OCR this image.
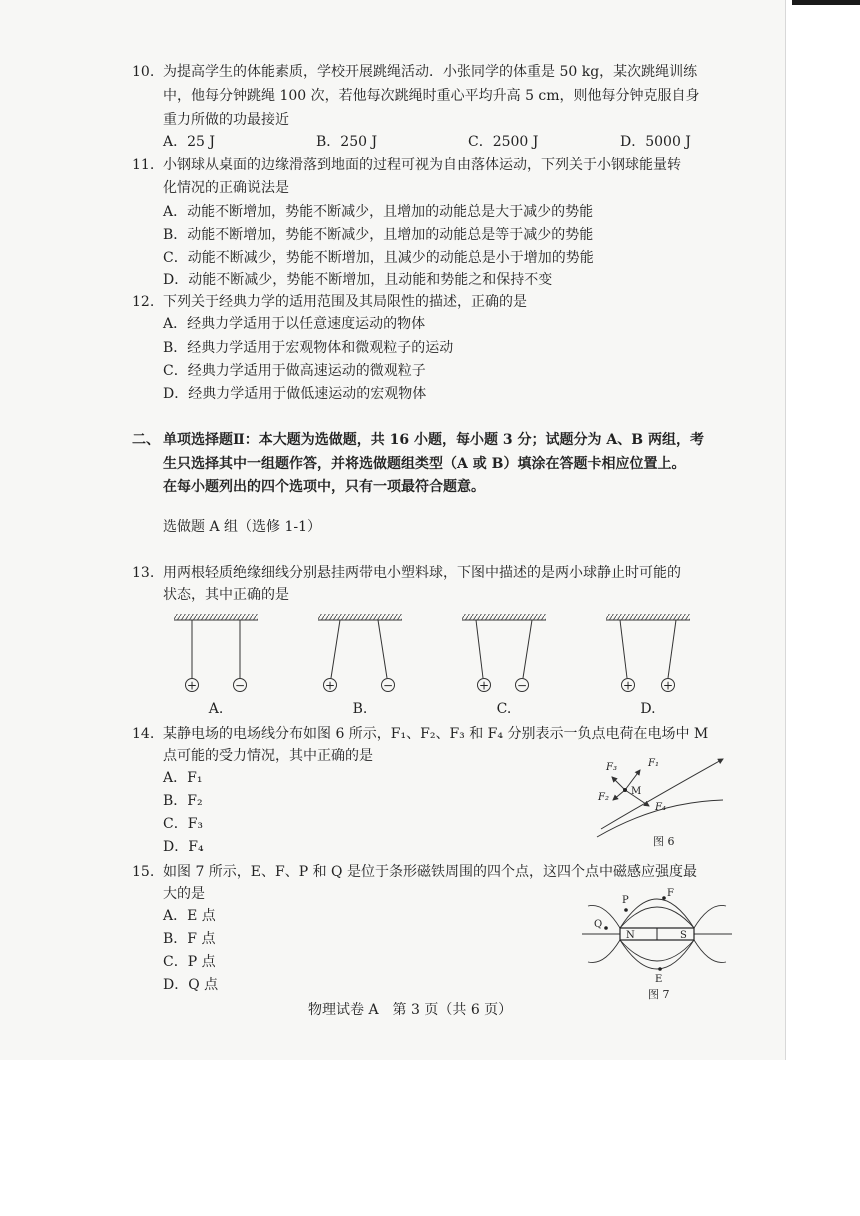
10. 为提高学生的体能素质，学校开展跳绳活动．小张同学的体重是 50 kg，某次跳绳训练
中，他每分钟跳绳 100 次，若他每次跳绳时重心平均升高 5 cm，则他每分钟克服自身
重力所做的功最接近
A．25 J	B．250 J	C．2500 J	D．5000 J
11. 小钢球从桌面的边缘滑落到地面的过程可视为自由落体运动，下列关于小钢球能量转
化情况的正确说法是
A．动能不断增加，势能不断减少，且增加的动能总是大于减少的势能
B．动能不断增加，势能不断减少，且增加的动能总是等于减少的势能
C．动能不断减少，势能不断增加，且减少的动能总是小于增加的势能
D．动能不断减少，势能不断增加，且动能和势能之和保持不变
12. 下列关于经典力学的适用范围及其局限性的描述，正确的是
A．经典力学适用于以任意速度运动的物体
B．经典力学适用于宏观物体和微观粒子的运动
C．经典力学适用于做高速运动的微观粒子
D．经典力学适用于做低速运动的宏观物体
二、 单项选择题Ⅱ：本大题为选做题，共 16 小题，每小题 3 分；试题分为 A、B 两组，考
生只选择其中一组题作答，并将选做题组类型（A 或 B）填涂在答题卡相应位置上。
在每小题列出的四个选项中，只有一项最符合题意。
选做题 A 组（选修 1-1）
13. 用两根轻质绝缘细线分别悬挂两带电小塑料球，下图中描述的是两小球静止时可能的
状态，其中正确的是
+	−	+	−	+ −	+ +
A.	B.	C.	D.
14. 某静电场的电场线分布如图 6 所示，F₁、F₂、F₃ 和 F₄ 分别表示一负点电荷在电场中 M
点可能的受力情况，其中正确的是
A．F₁
B．F₂
C．F₃
D．F₄
F₃	F₁
F₂
F₄
M
图 6
15. 如图 7 所示，E、F、P 和 Q 是位于条形磁铁周围的四个点，这四个点中磁感应强度最
大的是
A．E 点
B．F 点
C．P 点
D．Q 点
P
F
Q
E
N	S
图 7
物理试卷 A　第 3 页（共 6 页）
